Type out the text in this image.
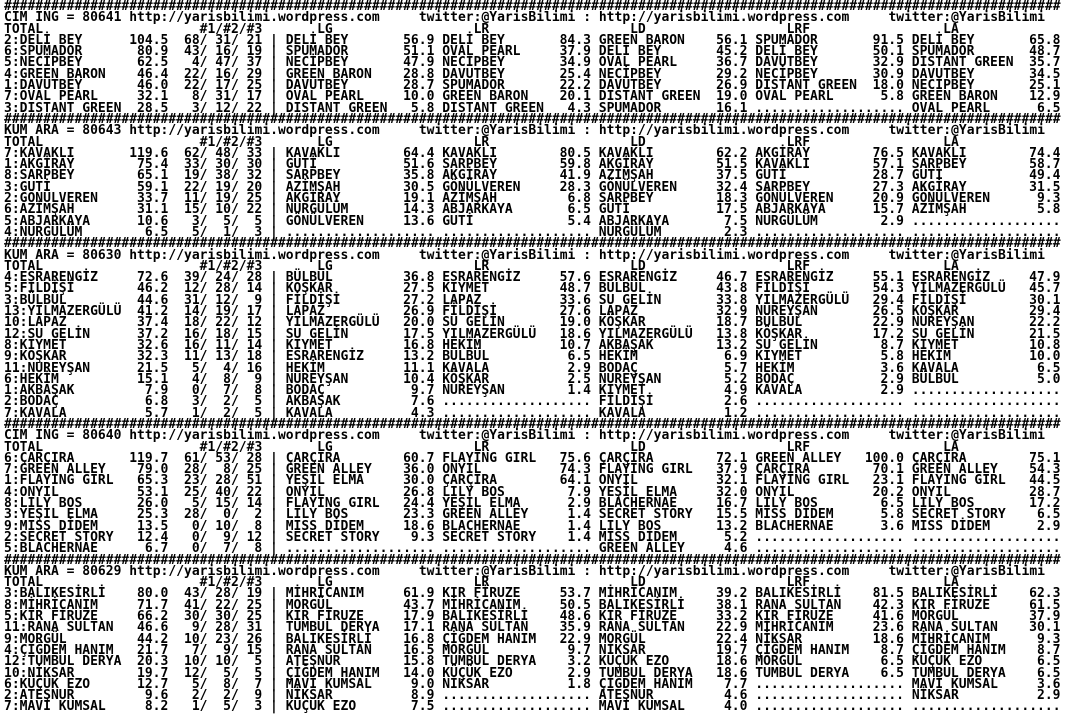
#######################################################################################################################################
CIM ING = 80641 http://yarisbilimi.wordpress.com	twitter:@YarisBilimi : http://yarisbilimi.wordpress.com	twitter:@YarisBilimi
TOTAL	#1/#2/#3	LG	LR	LD	LRF	LA
2:DELİ BEY	104.5 68/ 31/ 21 | DELİ BEY	56.9 DELİ BEY	84.3 GREEN BARON 56.1 SPUMADOR	91.5 DELİ BEY	65.8
6:SPUMADOR	80.9 43/ 16/ 19 | SPUMADOR	51.1 OVAL PEARL	37.9 DELİ BEY	45.2 DELİ BEY	50.1 SPUMADOR	48.7
5:NECİPBEY	62.5 4/ 47/ 37 | NECİPBEY	47.9 NECİPBEY	34.9 OVAL PEARL	36.7 DAVUTBEY	32.9 DISTANT GREEN 35.7
4:GREEN BARON 46.4 22/ 16/ 29 | GREEN BARON 28.8 DAVUTBEY	25.4 NECİPBEY	29.2 NECİPBEY	30.9 DAVUTBEY	34.5
1:DAVUTBEY	46.0 22/ 17/ 25 | DAVUTBEY	28.7 SPUMADOR	22.2 DAVUTBEY	26.9 DISTANT GREEN 18.0 NECİPBEY	25.1
7:OVAL PEARL	32.1 8/ 31/ 17 | OVAL PEARL	10.0 GREEN BARON 20.1 DISTANT GREEN 19.0 OVAL PEARL	5.8 GREEN BARON 12.9
3:DISTANT GREEN 28.5 3/ 12/ 22 | DISTANT GREEN 5.8 DISTANT GREEN 4.3 SPUMADOR	16.1 ................... OVAL PEARL	6.5
#######################################################################################################################################
KUM ARA = 80643 http://yarisbilimi.wordpress.com	twitter:@YarisBilimi : http://yarisbilimi.wordpress.com	twitter:@YarisBilimi
TOTAL	#1/#2/#3	LG	LR	LD	LRF	LA
7:KAVAKLI	119.6 62/ 48/ 33 | KAVAKLI	64.4 KAVAKLI	80.5 KAVAKLI	62.2 AKGİRAY	76.5 KAVAKLI	74.4
1:AKGİRAY	75.4 33/ 30/ 30 | GUTİ	51.6 SARPBEY	59.8 AKGİRAY	51.5 KAVAKLI	57.1 SARPBEY	58.7
8:SARPBEY	65.1 19/ 38/ 32 | SARPBEY	35.8 AKGİRAY	41.9 AZİMŞAH	37.5 GUTİ	28.7 GUTİ	49.4
3:GUTİ	59.1 22/ 19/ 20 | AZİMŞAH	30.5 GÖNÜLVEREN	28.3 GÖNÜLVEREN	32.4 SARPBEY	27.3 AKGİRAY	31.5
2:GÖNÜLVEREN	33.7 11/ 19/ 25 | AKGİRAY	19.1 AZİMŞAH	6.8 SARPBEY	18.3 GÖNÜLVEREN	20.9 GÖNÜLVEREN	9.3
6:AZİMŞAH	31.1 15/ 10/ 22 | NURGÜLÜM	14.3 ABJARKAYA	6.5 GUTİ	17.5 ABJARKAYA	15.7 AZİMŞAH	5.8
5:ABJARKAYA	10.6 3/ 5/ 5 | GÖNÜLVEREN	13.6 GUTİ	5.4 ABJARKAYA	7.5 NURGÜLÜM	2.9 ...................
4:NURGÜLÜM	6.5 5/ 1/ 3 | ................... ................... NURGÜLÜM	2.3 ................... ...................
#######################################################################################################################################
KUM ARA = 80630 http://yarisbilimi.wordpress.com	twitter:@YarisBilimi : http://yarisbilimi.wordpress.com	twitter:@YarisBilimi
TOTAL	#1/#2/#3	LG	LR	LD	LRF	LA
4:ESRARENGİZ	72.6 39/ 24/ 28 | BÜLBÜL	36.8 ESRARENGİZ	57.6 ESRARENGİZ	46.7 ESRARENGİZ	55.1 ESRARENGİZ	47.9
5:FİLDİŞİ	46.2 12/ 28/ 14 | KÖŞKAR	27.5 KIYMET	48.7 BÜLBÜL	43.8 FİLDİŞİ	54.3 YILMAZERGÜLÜ 45.7
3:BÜLBÜL	44.6 31/ 12/ 9 | FİLDİŞİ	27.2 LAPAZ	33.6 SU GELİN	33.8 YILMAZERGÜLÜ 29.4 FİLDİŞİ	30.1
13:YILMAZERGÜLÜ 41.2 14/ 19/ 17 | LAPAZ	26.9 FİLDİŞİ	27.6 LAPAZ	32.9 NUREYŞAN	26.5 KÖŞKAR	29.4
10:LAPAZ	37.4 18/ 22/ 12 | YILMAZERGÜLÜ 20.0 SU GELİN	19.0 KÖŞKAR	18.7 BÜLBÜL	22.9 NUREYŞAN	22.2
12:SU GELİN	37.2 16/ 18/ 15 | SU GELİN	17.5 YILMAZERGÜLÜ 18.6 YILMAZERGÜLÜ 13.8 KÖŞKAR	17.2 SU GELİN	21.5
8:KIYMET	32.6 16/ 11/ 14 | KIYMET	16.8 HEKİM	10.7 AKBAŞAK	13.2 SU GELİN	8.7 KIYMET	10.8
9:KÖŞKAR	32.3 11/ 13/ 18 | ESRARENGİZ	13.2 BÜLBÜL	6.5 HEKİM	6.9 KIYMET	5.8 HEKİM	10.0
11:NUREYŞAN	21.5 5/ 4/ 16 | HEKİM	11.1 KAVALA	2.9 BODAÇ	5.7 HEKİM	3.6 KAVALA	6.5
6:HEKİM	15.1 4/ 8/ 9 | NUREYŞAN	10.4 KÖŞKAR	2.5 NUREYŞAN	5.2 BODAÇ	2.9 BÜLBÜL	5.0
1:AKBAŞAK	7.9 0/ 7/ 8 | BODAÇ	9.7 NUREYŞAN	1.4 KIYMET	4.9 KAVALA	2.9 ...................
2:BODAÇ	6.8 3/ 2/ 5 | AKBAŞAK	7.6 ................... FİLDİŞİ	2.6 ................... ...................
7:KAVALA	5.7 1/ 2/ 5 | KAVALA	4.3 ................... KAVALA	1.2 ................... ...................
#######################################################################################################################################
CIM ING = 80640 http://yarisbilimi.wordpress.com	twitter:@YarisBilimi : http://yarisbilimi.wordpress.com	twitter:@YarisBilimi
TOTAL	#1/#2/#3	LG	LR	LD	LRF	LA
6:ÇARÇIRA	119.7 61/ 53/ 28 | ÇARÇIRA	60.7 FLAYING GIRL 75.6 ÇARÇIRA	72.1 GREEN ALLEY 100.0 ÇARÇIRA	75.1
7:GREEN ALLEY 79.0 28/ 8/ 25 | GREEN ALLEY 36.0 ONYIL	74.3 FLAYING GIRL 37.9 ÇARÇIRA	70.1 GREEN ALLEY 54.3
1:FLAYING GIRL 65.3 23/ 28/ 51 | YEŞİL ELMA	30.0 ÇARÇIRA	64.1 ONYIL	32.1 FLAYING GIRL 23.1 FLAYING GIRL 44.5
4:ONYIL	53.1 25/ 40/ 22 | ONYIL	26.8 LILY BOS	7.9 YEŞİL ELMA	32.0 ONYIL	20.2 ONYIL	28.7
8:LILY BOS	26.0 5/ 15/ 14 | FLAYING GIRL 24.4 YEŞİL ELMA	2.9 BLACHERNAE	16.7 LILY BOS	6.5 LILY BOS	17.2
3:YEŞİL ELMA	25.3 28/ 0/ 2 | LILY BOS	23.3 GREEN ALLEY	1.4 SECRET STORY 15.5 MISS DİDEM	5.8 SECRET STORY 6.5
9:MISS DİDEM	13.5 0/ 10/ 8 | MISS DİDEM	18.6 BLACHERNAE	1.4 LILY BOS	13.2 BLACHERNAE	3.6 MISS DİDEM	2.9
2:SECRET STORY 12.4 0/ 9/ 12 | SECRET STORY 9.3 SECRET STORY 1.4 MISS DİDEM	5.2 ................... ...................
5:BLACHERNAE	6.7 0/ 7/ 8 | ................... ................... GREEN ALLEY	4.6 ................... ...................
#######################################################################################################################################
KUM ARA = 80629 http://yarisbilimi.wordpress.com	twitter:@YarisBilimi : http://yarisbilimi.wordpress.com	twitter:@YarisBilimi
TOTAL	#1/#2/#3	LG	LR	LD	LRF	LA
3:BALIKESİRLİ 80.0 43/ 28/ 19 | MİHRİCANIM	61.9 KIR FİRUZE	53.7 MİHRİCANIM	39.2 BALIKESİRLİ 81.5 BALIKESİRLİ 62.3
8:MİHRİCANIM	71.7 41/ 22/ 25 | MORGÜL	43.7 MİHRİCANIM	50.5 BALIKESİRLİ 38.1 RANA SULTAN 42.3 KIR FİRUZE	61.5
5:KIR FİRUZE	66.2 30/ 30/ 25 | KIR FİRUZE	17.9 BALIKESİRLİ 48.6 KIR FİRUZE	33.2 KIR FİRUZE	41.6 MORGÜL	37.9
11:RANA SULTAN 46.6 9/ 28/ 31 | TUMBUL DERYA 17.1 RANA SULTAN 35.9 RANA SULTAN 22.9 MİHRİCANIM	23.6 RANA SULTAN 30.1
9:MORGÜL	44.2 10/ 23/ 26 | BALIKESİRLİ 16.8 ÇİĞDEM HANIM 22.9 MORGÜL	22.4 NİKSAR	18.6 MİHRİCANIM	9.3
4:ÇİĞDEM HANIM 21.7 7/ 9/ 15 | RANA SULTAN 16.5 MORGÜL	9.7 NİKSAR	19.7 ÇİĞDEM HANIM 8.7 ÇİĞDEM HANIM 8.7
12:TUMBUL DERYA 20.3 10/ 10/ 5 | ATEŞNUR	15.8 TUMBUL DERYA 3.2 KÜÇÜK EZO	18.6 MORGÜL	6.5 KÜÇÜK EZO	6.5
10:NİKSAR	19.7 12/ 5/ 5 | ÇİĞDEM HANIM 14.0 KÜÇÜK EZO	2.9 TUMBUL DERYA 18.6 TUMBUL DERYA 6.5 TUMBUL DERYA 6.5
6:KÜÇÜK EZO	12.7 5/ 8/ 7 | MAVİ KUMSAL	9.0 NİKSAR	1.8 ÇİĞDEM HANIM 7.7 ................... MAVİ KUMSAL	3.6
2:ATEŞNUR	9.6 2/ 2/ 9 | NİKSAR	8.9 ................... ATEŞNUR	4.6 ................... NİKSAR	2.9
7:MAVİ KUMSAL	8.2 1/ 5/ 3 | KÜÇÜK EZO	7.5 ................... MAVİ KUMSAL	4.0 ................... ...................
